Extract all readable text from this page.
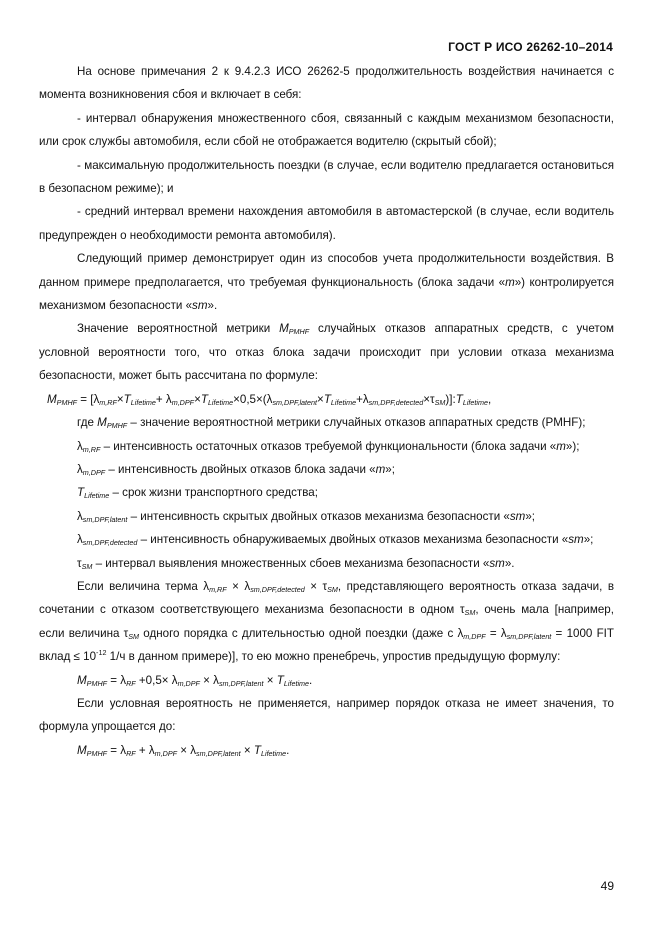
ГОСТ Р ИСО 26262-10–2014

На основе примечания 2 к 9.4.2.3 ИСО 26262-5 продолжительность воздействия начинается с момента возникновения сбоя и включает в себя:

- интервал обнаружения множественного сбоя, связанный с каждым механизмом безопасности, или срок службы автомобиля, если сбой не отображается водителю (скрытый сбой);

- максимальную продолжительность поездки (в случае, если водителю предлагается остановиться в безопасном режиме); и

- средний интервал времени нахождения автомобиля в автомастерской (в случае, если водитель предупрежден о необходимости ремонта автомобиля).

Следующий пример демонстрирует один из способов учета продолжительности воздействия. В данном примере предполагается, что требуемая функциональность (блока задачи «m») контролируется механизмом безопасности «sm».

Значение вероятностной метрики $M_{PMHF}$ случайных отказов аппаратных средств, с учетом условной вероятности того, что отказ блока задачи происходит при условии отказа механизма безопасности, может быть рассчитана по формуле:

$M_{PMHF} = [\lambda_{m,RF}\times T_{Lifetime}+$ $\lambda_{m,DPF}\times T_{Lifetime}\times 0,5\times(\lambda_{sm,DPF,latent}\times T_{Lifetime}+\lambda_{sm,DPF,detected}\times\tau_{SM})]:T_{Lifetime}$,

где $M_{PMHF}$ – значение вероятностной метрики случайных отказов аппаратных средств (PMHF);

$\lambda_{m,RF}$ – интенсивность остаточных отказов требуемой функциональности (блока задачи «m»);

$\lambda_{m,DPF}$ – интенсивность двойных отказов блока задачи «m»;

$T_{Lifetime}$ – срок жизни транспортного средства;

$\lambda_{sm,DPF,latent}$ – интенсивность скрытых двойных отказов механизма безопасности «sm»;

$\lambda_{sm,DPF,detected}$ – интенсивность обнаруживаемых двойных отказов механизма безопасности «sm»;

$\tau_{SM}$ – интервал выявления множественных сбоев механизма безопасности «sm».

Если величина терма $\lambda_{m,RF} \times \lambda_{sm,DPF,detected} \times \tau_{SM}$, представляющего вероятность отказа задачи, в сочетании с отказом соответствующего механизма безопасности в одном $\tau_{SM}$, очень мала [например, если величина $\tau_{SM}$ одного порядка с длительностью одной поездки (даже с $\lambda_{m,DPF} = \lambda_{sm,DPF,latent} = 1000$ FIT вклад ≤ $10^{-12}$ 1/ч в данном примере)], то ею можно пренебречь, упростив предыдущую формулу:

$M_{PMHF} = \lambda_{RF} +0,5\times \lambda_{m,DPF} \times \lambda_{sm,DPF,latent} \times T_{Lifetime}$.

Если условная вероятность не применяется, например порядок отказа не имеет значения, то формула упрощается до:

$M_{PMHF} = \lambda_{RF} + \lambda_{m,DPF} \times \lambda_{sm,DPF,latent} \times T_{Lifetime}$.

49
